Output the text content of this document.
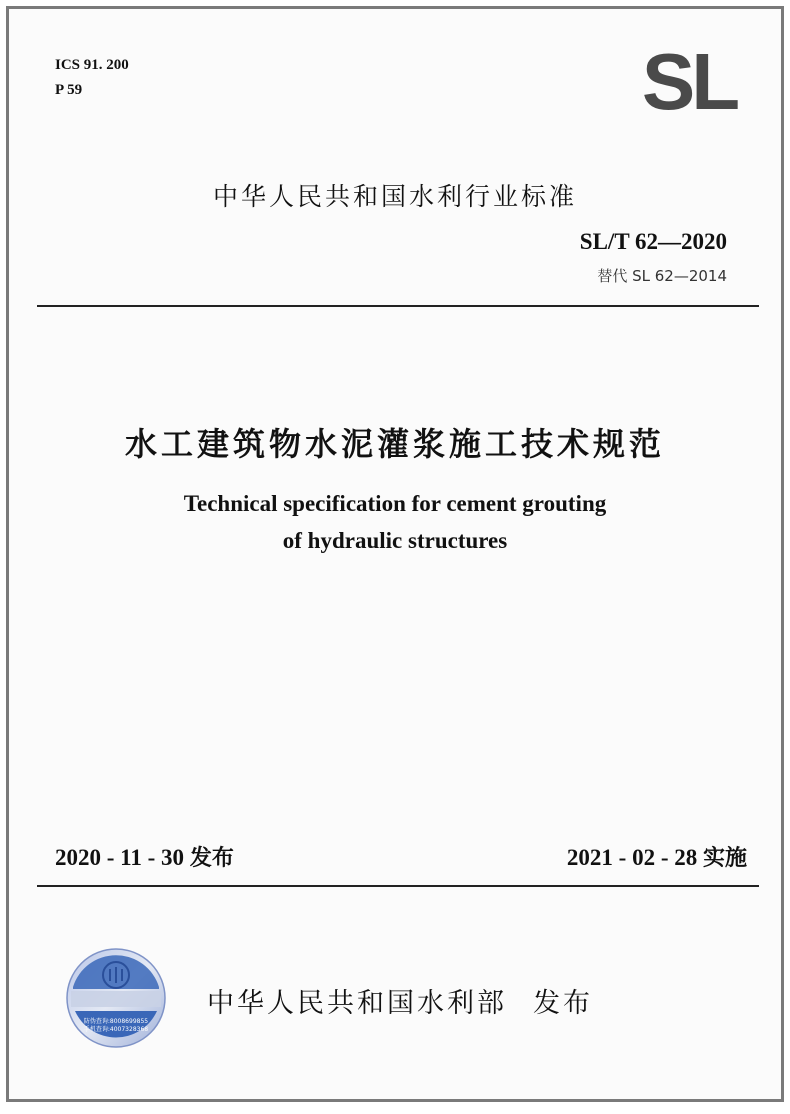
ICS 91. 200
P 59	SL
中华人民共和国水利行业标准
SL/T 62—2020
替代 SL 62—2014
水工建筑物水泥灌浆施工技术规范
Technical specification for cement grouting
of hydraulic structures
2020 - 11 - 30 发布	2021 - 02 - 28 实施
防伪查询:8008699855
手机查询:4007328368
中华人民共和国水利部 发布
